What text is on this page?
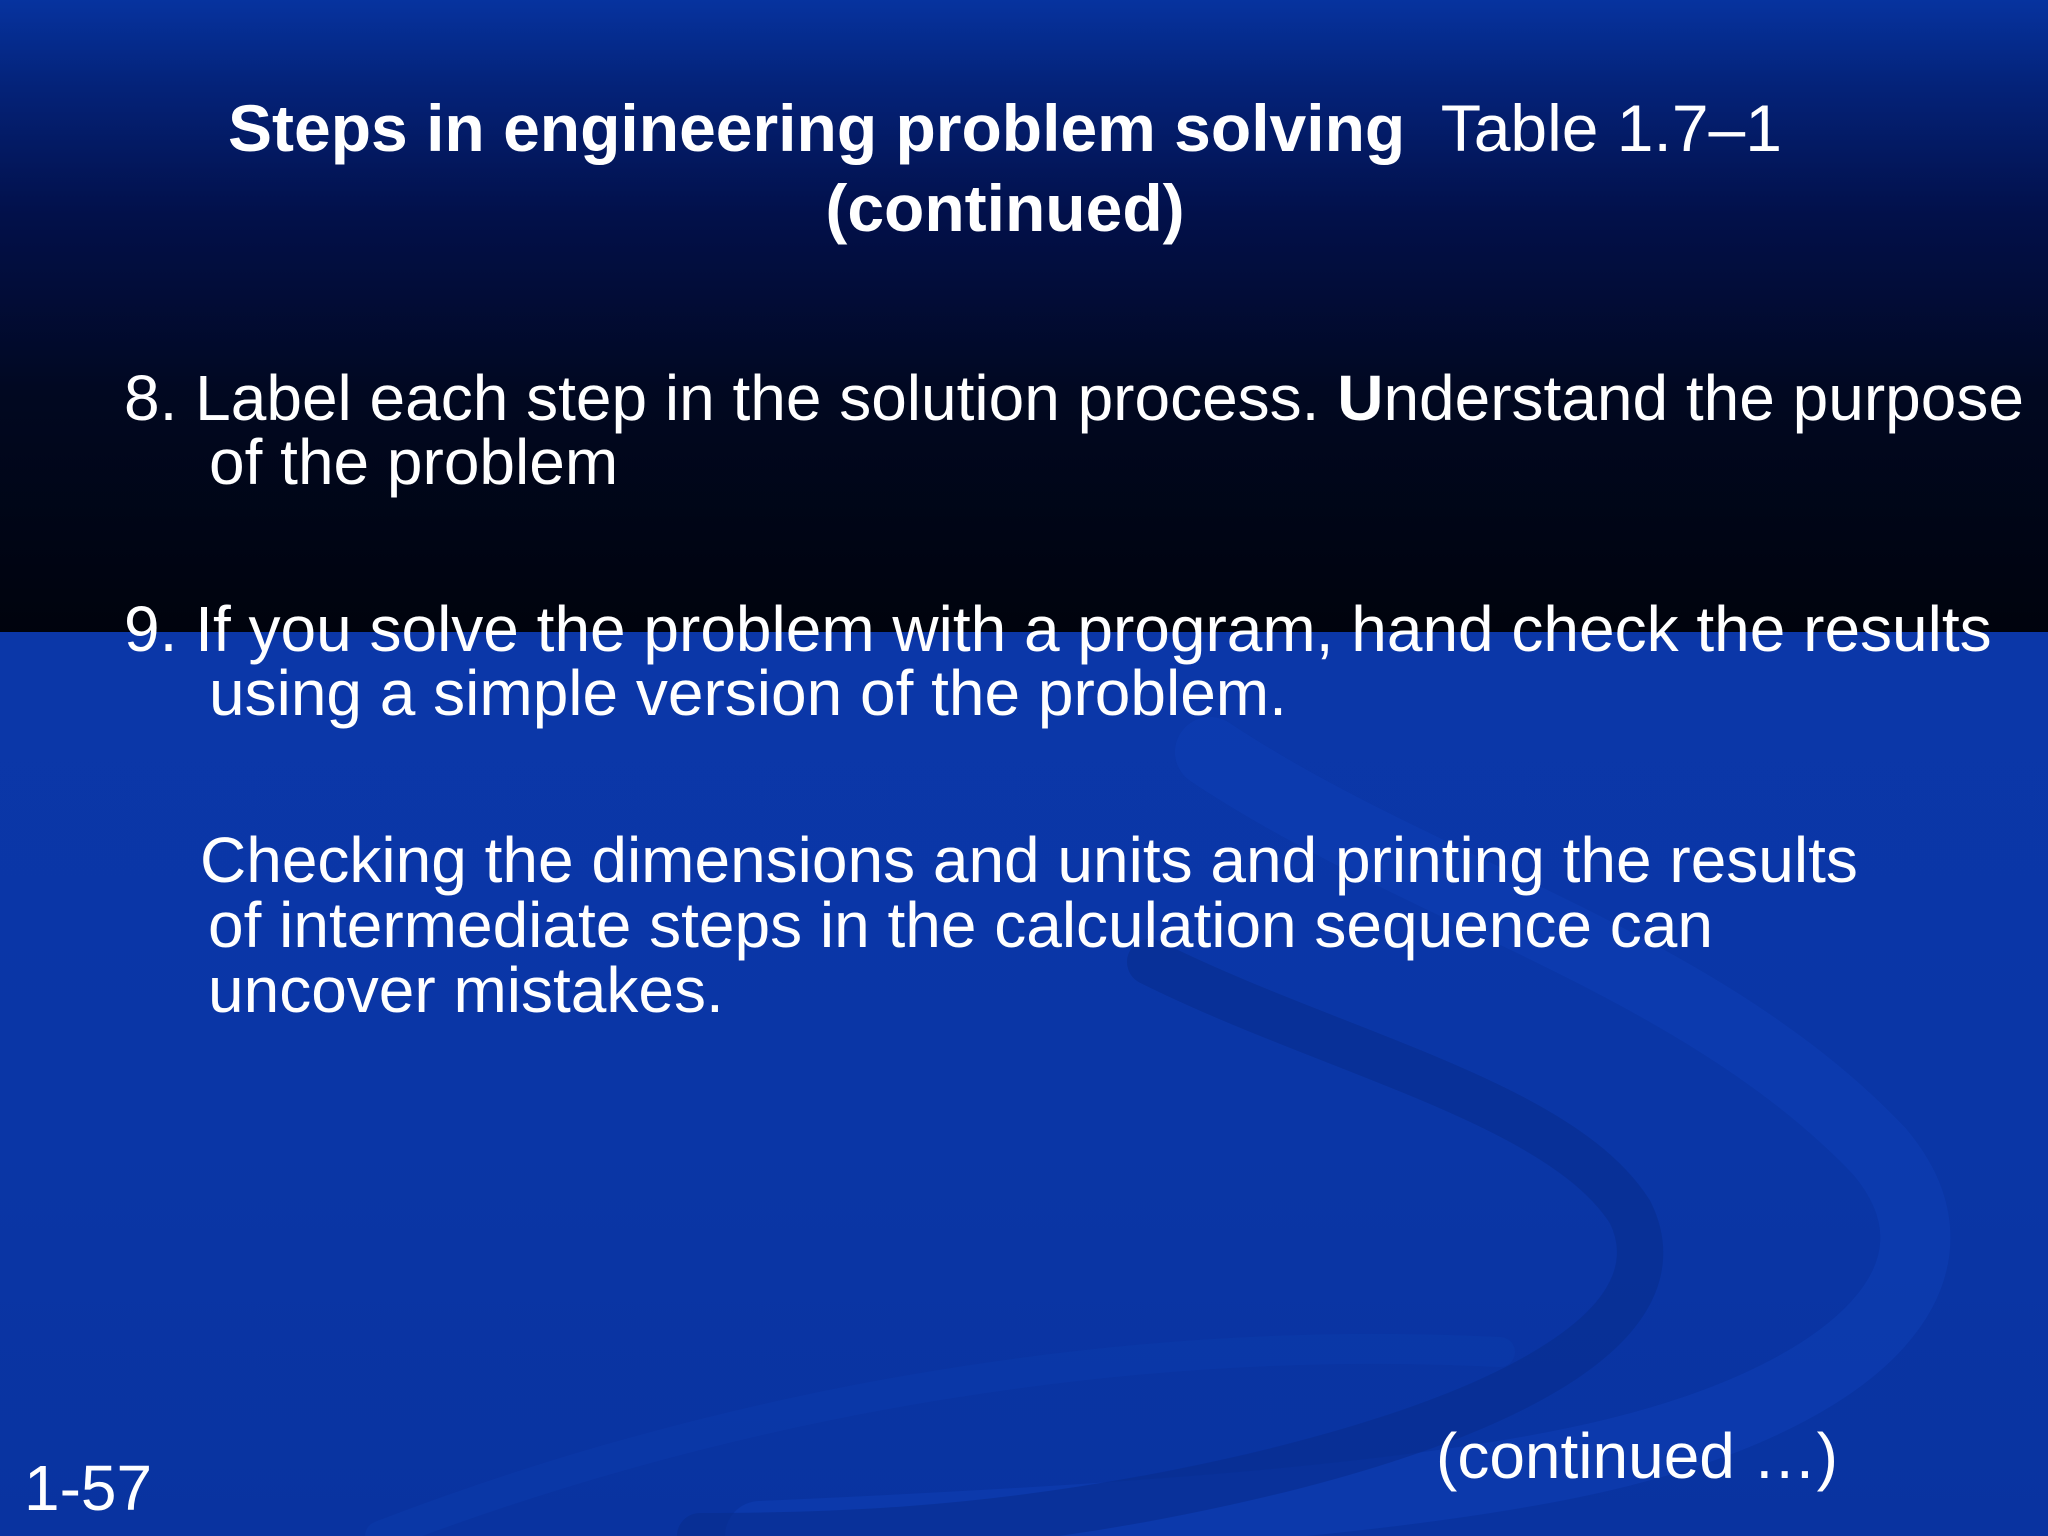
Steps in engineering problem solving Table 1.7–1
(continued)
8. Label each step in the solution process. Understand the purpose of the problem
9. If you solve the problem with a program, hand check the results using a simple version of the problem.
Checking the dimensions and units and printing the results of intermediate steps in the calculation sequence can uncover mistakes.
(continued …)
1-57
